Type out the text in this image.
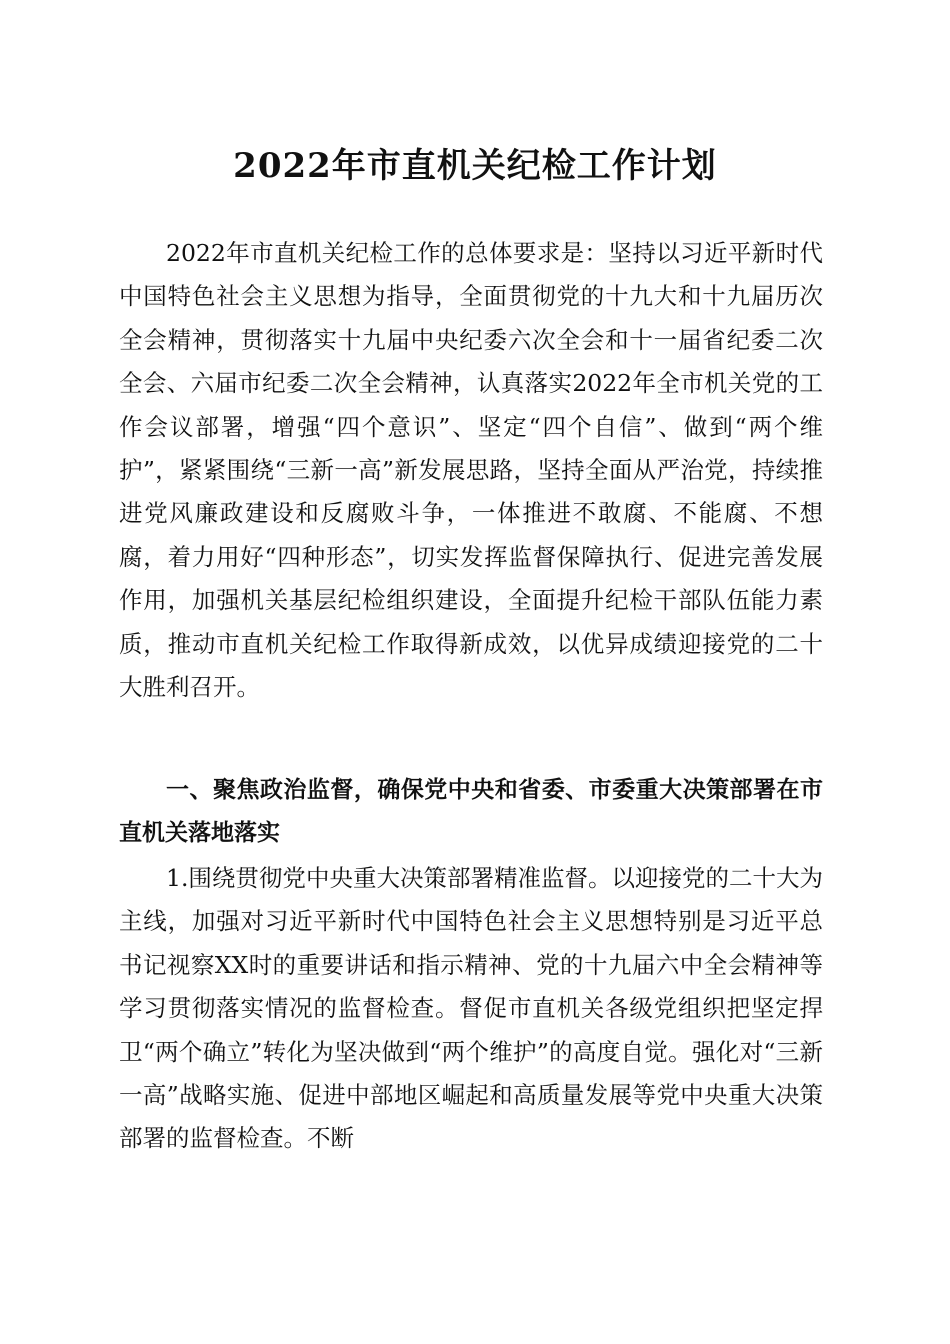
2022年市直机关纪检工作计划
2022年市直机关纪检工作的总体要求是：坚持以习近平新时代中国特色社会主义思想为指导，全面贯彻党的十九大和十九届历次全会精神，贯彻落实十九届中央纪委六次全会和十一届省纪委二次全会、六届市纪委二次全会精神，认真落实2022年全市机关党的工作会议部署，增强“四个意识”、坚定“四个自信”、做到“两个维护”，紧紧围绕“三新一高”新发展思路，坚持全面从严治党，持续推进党风廉政建设和反腐败斗争，一体推进不敢腐、不能腐、不想腐，着力用好“四种形态”，切实发挥监督保障执行、促进完善发展作用，加强机关基层纪检组织建设，全面提升纪检干部队伍能力素质，推动市直机关纪检工作取得新成效，以优异成绩迎接党的二十大胜利召开。
一、聚焦政治监督，确保党中央和省委、市委重大决策部署在市直机关落地落实
1.围绕贯彻党中央重大决策部署精准监督。以迎接党的二十大为主线，加强对习近平新时代中国特色社会主义思想特别是习近平总书记视察XX时的重要讲话和指示精神、党的十九届六中全会精神等学习贯彻落实情况的监督检查。督促市直机关各级党组织把坚定捍卫“两个确立”转化为坚决做到“两个维护”的高度自觉。强化对“三新一高”战略实施、促进中部地区崛起和高质量发展等党中央重大决策部署的监督检查。不断
